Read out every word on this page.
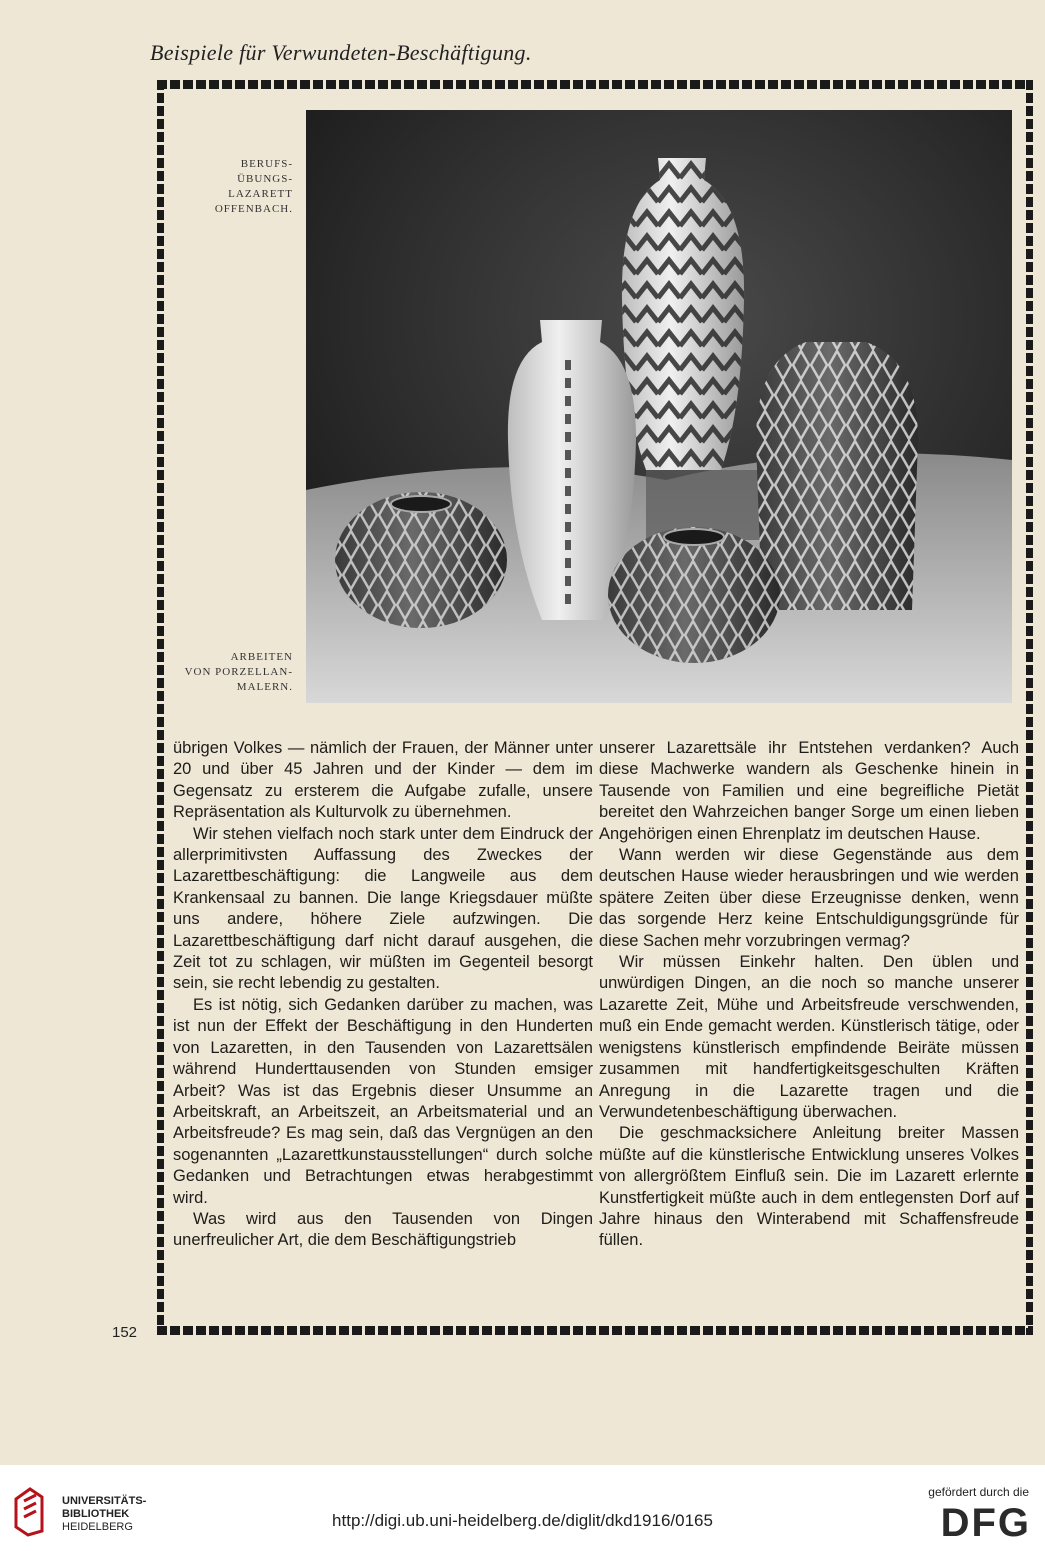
Beispiele für Verwundeten-Beschäftigung.
BERUFS-
ÜBUNGS-
LAZARETT
OFFENBACH.
ARBEITEN
VON PORZELLAN-
MALERN.

übrigen Volkes — nämlich der Frauen, der Männer unter 20 und über 45 Jahren und der Kinder — dem im Gegensatz zu ersterem die Aufgabe zufalle, unsere Repräsentation als Kulturvolk zu übernehmen.

Wir stehen vielfach noch stark unter dem Eindruck der allerprimitivsten Auffassung des Zweckes der Lazarettbeschäftigung: die Langweile aus dem Krankensaal zu bannen. Die lange Kriegsdauer müßte uns andere, höhere Ziele aufzwingen. Die Lazarettbeschäftigung darf nicht darauf ausgehen, die Zeit tot zu schlagen, wir müßten im Gegenteil besorgt sein, sie recht lebendig zu gestalten.

Es ist nötig, sich Gedanken darüber zu machen, was ist nun der Effekt der Beschäftigung in den Hunderten von Lazaretten, in den Tausenden von Lazarettsälen während Hunderttausenden von Stunden emsiger Arbeit? Was ist das Ergebnis dieser Unsumme an Arbeitskraft, an Arbeitszeit, an Arbeitsmaterial und an Arbeitsfreude? Es mag sein, daß das Vergnügen an den sogenannten „Lazarettkunstausstellungen“ durch solche Gedanken und Betrachtungen etwas herabgestimmt wird.

Was wird aus den Tausenden von Dingen unerfreulicher Art, die dem Beschäftigungstrieb

unserer Lazarettsäle ihr Entstehen verdanken? Auch diese Machwerke wandern als Geschenke hinein in Tausende von Familien und eine begreifliche Pietät bereitet den Wahrzeichen banger Sorge um einen lieben Angehörigen einen Ehrenplatz im deutschen Hause.

Wann werden wir diese Gegenstände aus dem deutschen Hause wieder herausbringen und wie werden spätere Zeiten über diese Erzeugnisse denken, wenn das sorgende Herz keine Entschuldigungsgründe für diese Sachen mehr vorzubringen vermag?

Wir müssen Einkehr halten. Den üblen und unwürdigen Dingen, an die noch so manche unserer Lazarette Zeit, Mühe und Arbeitsfreude verschwenden, muß ein Ende gemacht werden. Künstlerisch tätige, oder wenigstens künstlerisch empfindende Beiräte müssen zusammen mit handfertigkeitsgeschulten Kräften Anregung in die Lazarette tragen und die Verwundetenbeschäftigung überwachen.

Die geschmacksichere Anleitung breiter Massen müßte auf die künstlerische Entwicklung unseres Volkes von allergrößtem Einfluß sein. Die im Lazarett erlernte Kunstfertigkeit müßte auch in dem entlegensten Dorf auf Jahre hinaus den Winterabend mit Schaffensfreude füllen.

152
UNIVERSITÄTS-
BIBLIOTHEK
HEIDELBERG	http://digi.ub.uni-heidelberg.de/diglit/dkd1916/0165
gefördert durch die
DFG
